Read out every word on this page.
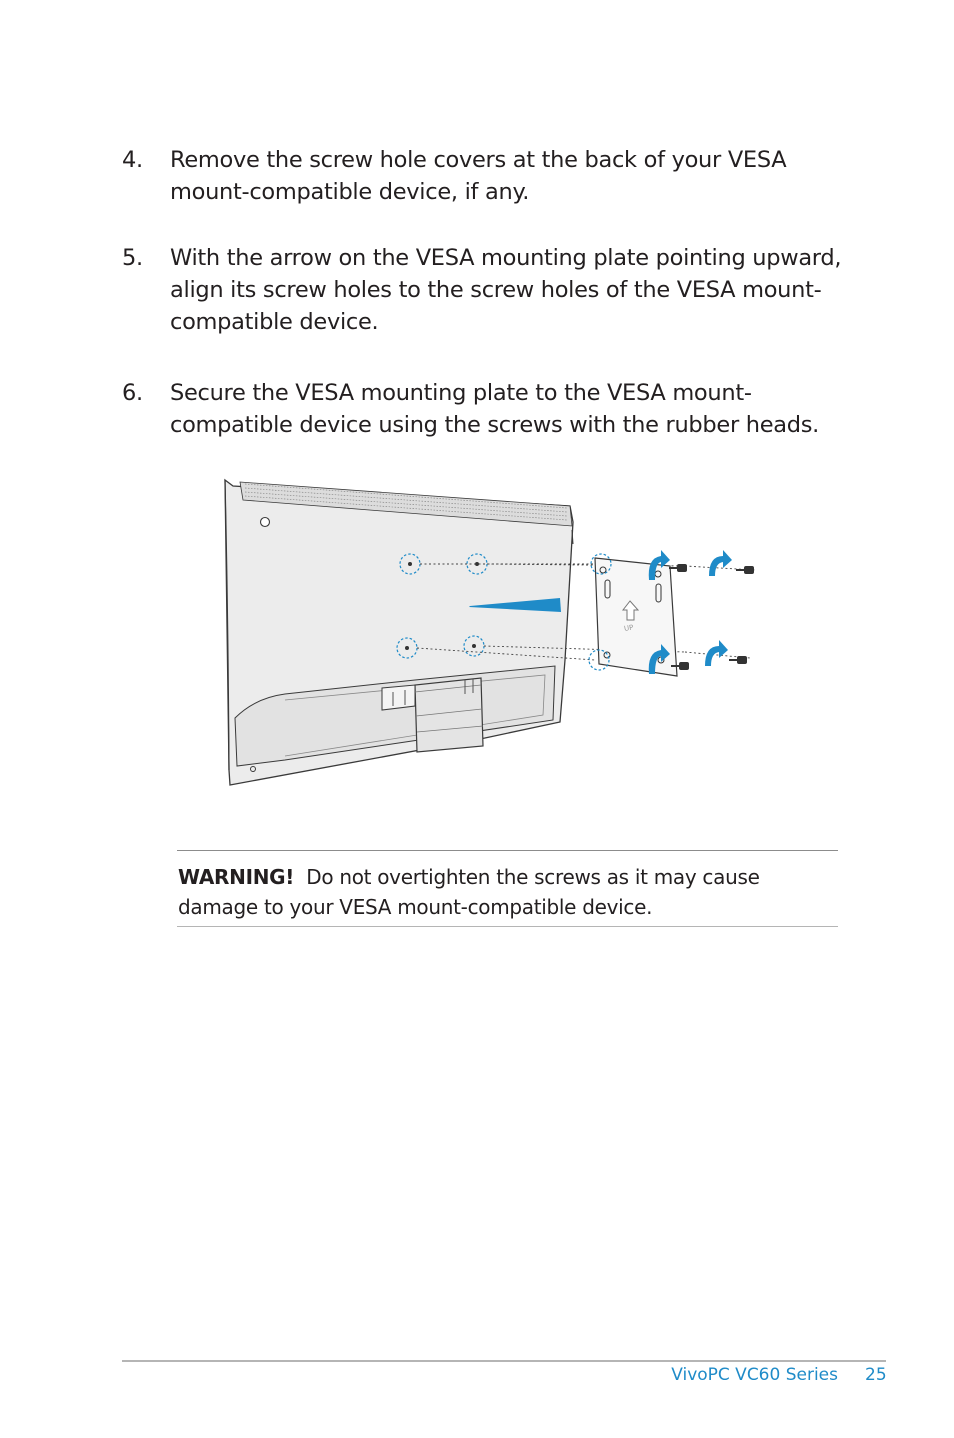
4. Remove the screw hole covers at the back of your VESA mount-compatible device, if any.
5. With the arrow on the VESA mounting plate pointing upward, align its screw holes to the screw holes of the VESA mount-compatible device.
6. Secure the VESA mounting plate to the VESA mount-compatible device using the screws with the rubber heads.
UP
WARNING! Do not overtighten the screws as it may cause damage to your VESA mount-compatible device.
VivoPC VC60 Series 25
